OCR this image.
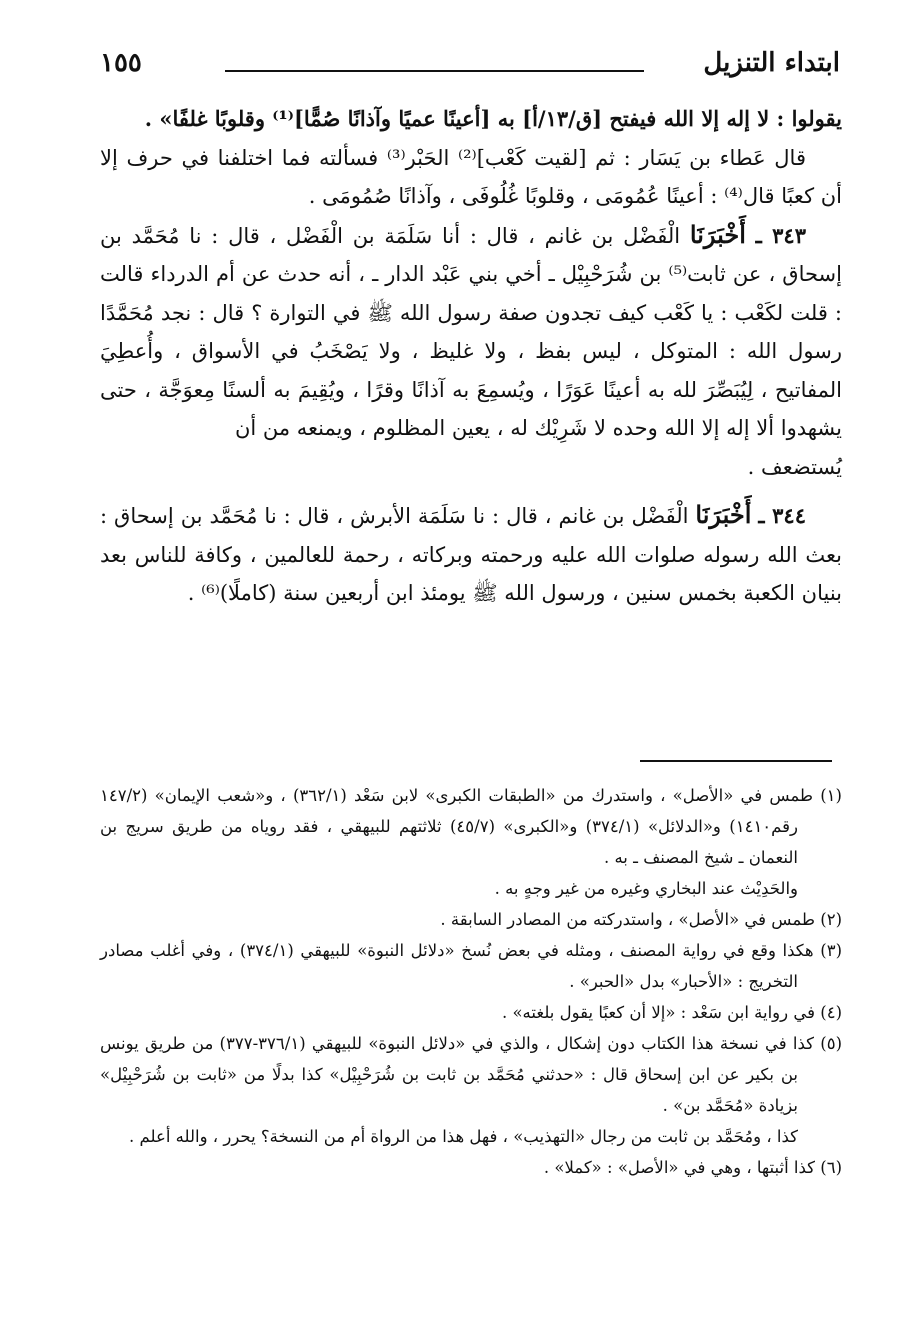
ابتداء التنزيل
١٥٥

يقولوا : لا إله إلا الله فيفتح [ق/١٣/أ] به [أعينًا عميًا وآذانًا صُمًّا]⁽¹⁾ وقلوبًا غلفًا» .

قال عَطاء بن يَسَار : ثم [لقيت كَعْب]⁽²⁾ الحَبْر⁽³⁾ فسألته فما اختلفنا في حرف إلا أن كعبًا قال⁽⁴⁾ : أعينًا عُمُومَى ، وقلوبًا غُلُوفَى ، وآذانًا صُمُومَى .

٣٤٣ ـ أَخْبَرَنَا الْفَضْل بن غانم ، قال : أنا سَلَمَة بن الْفَضْل ، قال : نا مُحَمَّد بن إسحاق ، عن ثابت⁽⁵⁾ بن شُرَحْبِيْل ـ أخي بني عَبْد الدار ـ ، أنه حدث عن أم الدرداء قالت : قلت لكَعْب : يا كَعْب كيف تجدون صفة رسول الله ﷺ في التوارة ؟ قال : نجد مُحَمَّدًا رسول الله : المتوكل ، ليس بفظ ، ولا غليظ ، ولا يَصْخَبُ في الأسواق ، وأُعطِيَ المفاتيح ، لِيُبَصِّرَ لله به أعينًا عَوَرًا ، ويُسمِعَ به آذانًا وقرًا ، ويُقِيمَ به ألسنًا مِعوَجَّة ، حتى يشهدوا ألا إله إلا الله وحده لا شَرِيْك له ، يعين المظلوم ، ويمنعه من أن

يُستضعف .

٣٤٤ ـ أَخْبَرَنَا الْفَضْل بن غانم ، قال : نا سَلَمَة الأبرش ، قال : نا مُحَمَّد بن إسحاق : بعث الله رسوله صلوات الله عليه ورحمته وبركاته ، رحمة للعالمين ، وكافة للناس بعد بنيان الكعبة بخمس سنين ، ورسول الله ﷺ يومئذ ابن أربعين سنة (كاملًا)⁽⁶⁾ .

(١) طمس في «الأصل» ، واستدرك من «الطبقات الكبرى» لابن سَعْد (٣٦٢/١) ، و«شعب الإيمان» (١٤٧/٢ رقم١٤١٠) و«الدلائل» (٣٧٤/١) و«الكبرى» (٤٥/٧) ثلاثتهم للبيهقي ، فقد روياه من طريق سريج بن النعمان ـ شيخ المصنف ـ به .

والحَدِيْث عند البخاري وغيره من غير وجهٍ به .

(٢) طمس في «الأصل» ، واستدركته من المصادر السابقة .

(٣) هكذا وقع في رواية المصنف ، ومثله في بعض نُسخ «دلائل النبوة» للبيهقي (٣٧٤/١) ، وفي أغلب مصادر التخريج : «الأحبار» بدل «الحبر» .

(٤) في رواية ابن سَعْد : «إلا أن كعبًا يقول بلغته» .

(٥) كذا في نسخة هذا الكتاب دون إشكال ، والذي في «دلائل النبوة» للبيهقي (٣٧٦/١-٣٧٧) من طريق يونس بن بكير عن ابن إسحاق قال : «حدثني مُحَمَّد بن ثابت بن شُرَحْبِيْل» كذا بدلًا من «ثابت بن شُرَحْبِيْل» بزيادة «مُحَمَّد بن» .

كذا ، ومُحَمَّد بن ثابت من رجال «التهذيب» ، فهل هذا من الرواة أم من النسخة؟ يحرر ، والله أعلم .

(٦) كذا أثبتها ، وهي في «الأصل» : «كملا» .
